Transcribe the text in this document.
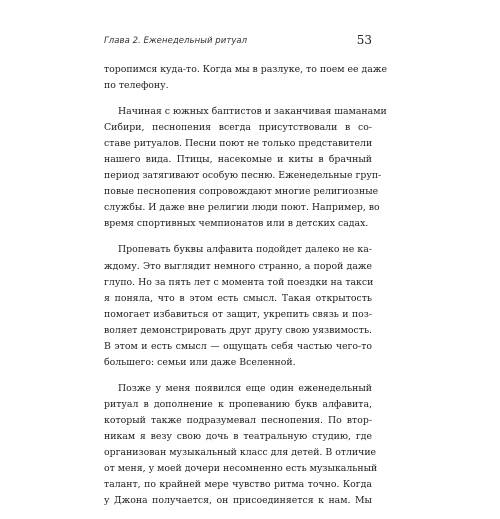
Глава 2. Еженедельный ритуал	53
торопимся куда-то. Когда мы в разлуке, то поем ее даже
по телефону.
Начиная с южных баптистов и заканчивая шаманами
Сибири, песнопения всегда присутствовали в со-
ставе ритуалов. Песни поют не только представители
нашего вида. Птицы, насекомые и киты в брачный
период затягивают особую песню. Еженедельные груп-
повые песнопения сопровождают многие религиозные
службы. И даже вне религии люди поют. Например, во
время спортивных чемпионатов или в детских садах.
Пропевать буквы алфавита подойдет далеко не ка-
ждому. Это выглядит немного странно, а порой даже
глупо. Но за пять лет с момента той поездки на такси
я поняла, что в этом есть смысл. Такая открытость
помогает избавиться от защит, укрепить связь и поз-
воляет демонстрировать друг другу свою уязвимость.
В этом и есть смысл — ощущать себя частью чего-то
большего: семьи или даже Вселенной.
Позже у меня появился еще один еженедельный
ритуал в дополнение к пропеванию букв алфавита,
который также подразумевал песнопения. По втор-
никам я везу свою дочь в театральную студию, где
организован музыкальный класс для детей. В отличие
от меня, у моей дочери несомненно есть музыкальный
талант, по крайней мере чувство ритма точно. Когда
у Джона получается, он присоединяется к нам. Мы
